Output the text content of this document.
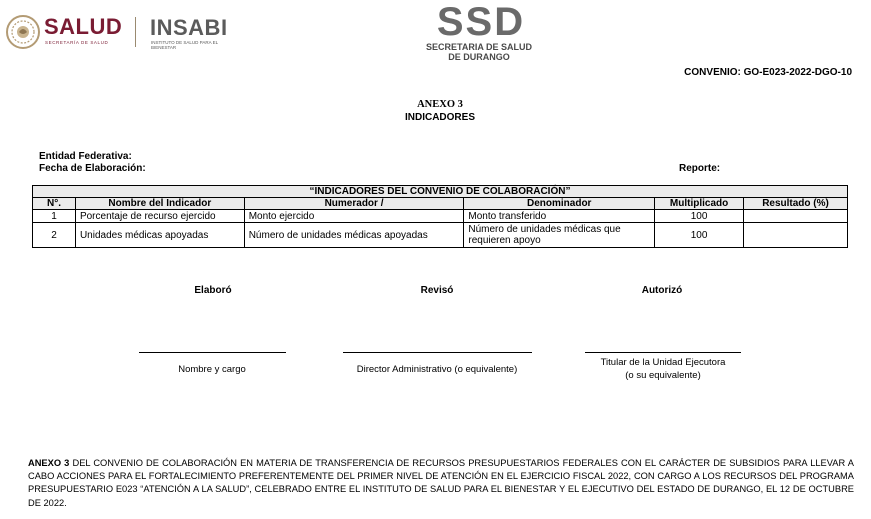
SALUD
SECRETARÍA DE SALUD
INSABI
INSTITUTO DE SALUD PARA EL BIENESTAR
SSD
SECRETARIA DE SALUD
DE DURANGO
CONVENIO: GO-E023-2022-DGO-10
ANEXO 3
INDICADORES
Entidad Federativa:
Fecha de Elaboración:	Reporte:
“INDICADORES DEL CONVENIO DE COLABORACIÓN”					
N°.	Nombre del Indicador	Numerador /	Denominador	Multiplicado	Resultado (%)
1	Porcentaje de recurso ejercido	Monto ejercido	Monto transferido	100	
2	Unidades médicas apoyadas	Número de unidades médicas apoyadas	Número de unidades médicas que requieren apoyo	100	
Elaboró	Revisó	Autorizó
Nombre y cargo	Director Administrativo (o equivalente)
Titular de la Unidad Ejecutora
(o su equivalente)
ANEXO 3 DEL CONVENIO DE COLABORACIÓN EN MATERIA DE TRANSFERENCIA DE RECURSOS PRESUPUESTARIOS FEDERALES CON EL CARÁCTER DE SUBSIDIOS PARA LLEVAR A CABO ACCIONES PARA EL FORTALECIMIENTO PREFERENTEMENTE DEL PRIMER NIVEL DE ATENCIÓN EN EL EJERCICIO FISCAL 2022, CON CARGO A LOS RECURSOS DEL PROGRAMA PRESUPUESTARIO E023 “ATENCIÓN A LA SALUD”, CELEBRADO ENTRE EL INSTITUTO DE SALUD PARA EL BIENESTAR Y EL EJECUTIVO DEL ESTADO DE DURANGO, EL 12 DE OCTUBRE DE 2022.
